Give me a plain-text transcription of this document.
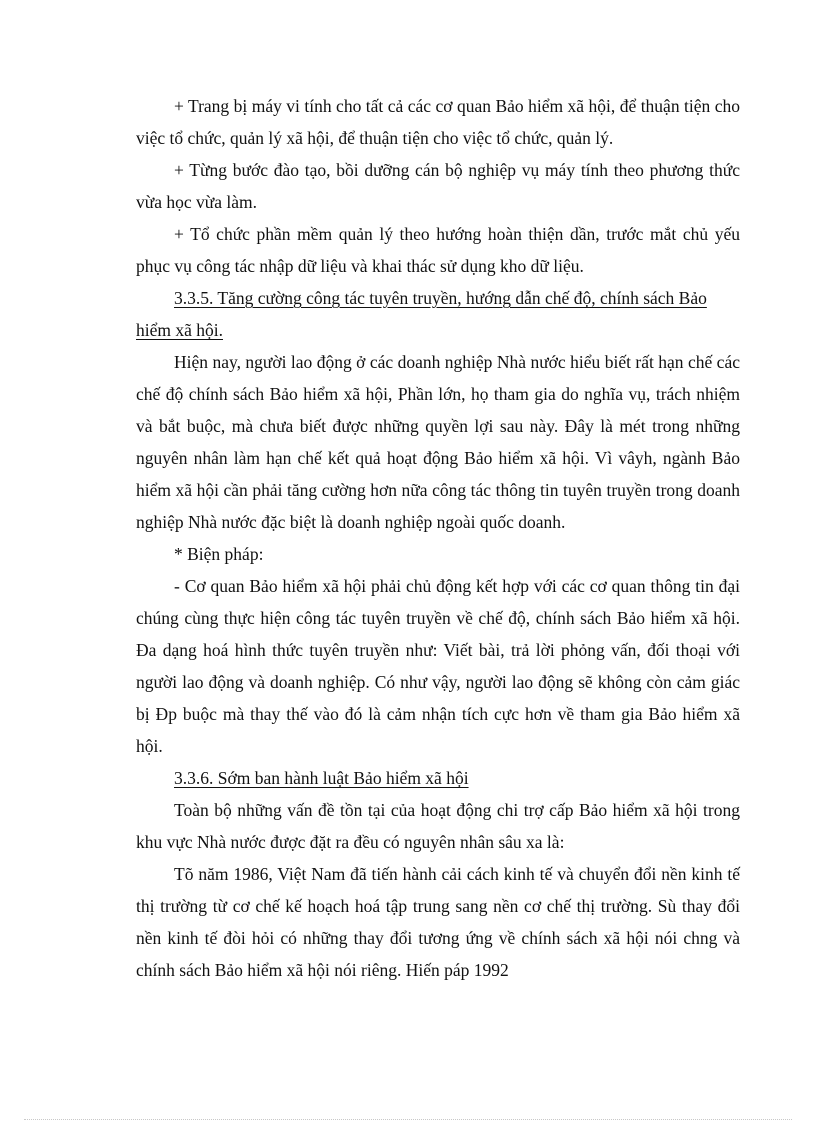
+ Trang bị máy vi tính cho tất cả các cơ quan Bảo hiểm xã hội, để thuận tiện cho việc tổ chức, quản lý xã hội, để thuận tiện cho việc tổ chức, quản lý.

+ Từng bước đào tạo, bồi dưỡng cán bộ nghiệp vụ máy tính theo phương thức vừa học vừa làm.

+ Tổ chức phần mềm quản lý theo hướng hoàn thiện dần, trước mắt chủ yếu phục vụ công tác nhập dữ liệu và khai thác sử dụng kho dữ liệu.

3.3.5. Tăng cường công tác tuyên truyền, hướng dẫn chế độ, chính sách Bảo hiểm xã hội.

Hiện nay, người lao động ở các doanh nghiệp Nhà nước hiểu biết rất hạn chế các chế độ chính sách Bảo hiểm xã hội, Phần lớn, họ tham gia do nghĩa vụ, trách nhiệm và bắt buộc, mà chưa biết được những quyền lợi sau này. Đây là mét trong những nguyên nhân làm hạn chế kết quả hoạt động Bảo hiểm xã hội. Vì vâyh, ngành Bảo hiểm xã hội cần phải tăng cường hơn nữa công tác thông tin tuyên truyền trong doanh nghiệp Nhà nước đặc biệt là doanh nghiệp ngoài quốc doanh.

* Biện pháp:

- Cơ quan Bảo hiểm xã hội phải chủ động kết hợp với các cơ quan thông tin đại chúng cùng thực hiện công tác tuyên truyền về chế độ, chính sách Bảo hiểm xã hội. Đa dạng hoá hình thức tuyên truyền như: Viết bài, trả lời phỏng vấn, đối thoại với người lao động và doanh nghiệp. Có như vậy, người lao động sẽ không còn cảm giác bị Đp buộc mà thay thế vào đó là cảm nhận tích cực hơn về tham gia Bảo hiểm xã hội.

3.3.6. Sớm ban hành luật Bảo hiểm xã hội

Toàn bộ những vấn đề tồn tại của hoạt động chi trợ cấp Bảo hiểm xã hội trong khu vực Nhà nước được đặt ra đều có nguyên nhân sâu xa là:

Tõ năm 1986, Việt Nam đã tiến hành cải cách kinh tế và chuyển đổi nền kinh tế thị trường từ cơ chế kế hoạch hoá tập trung sang nền cơ chế thị trường. Sù thay đổi nền kinh tế đòi hỏi có những thay đổi tương ứng về chính sách xã hội nói chng và chính sách Bảo hiểm xã hội nói riêng. Hiến páp 1992
